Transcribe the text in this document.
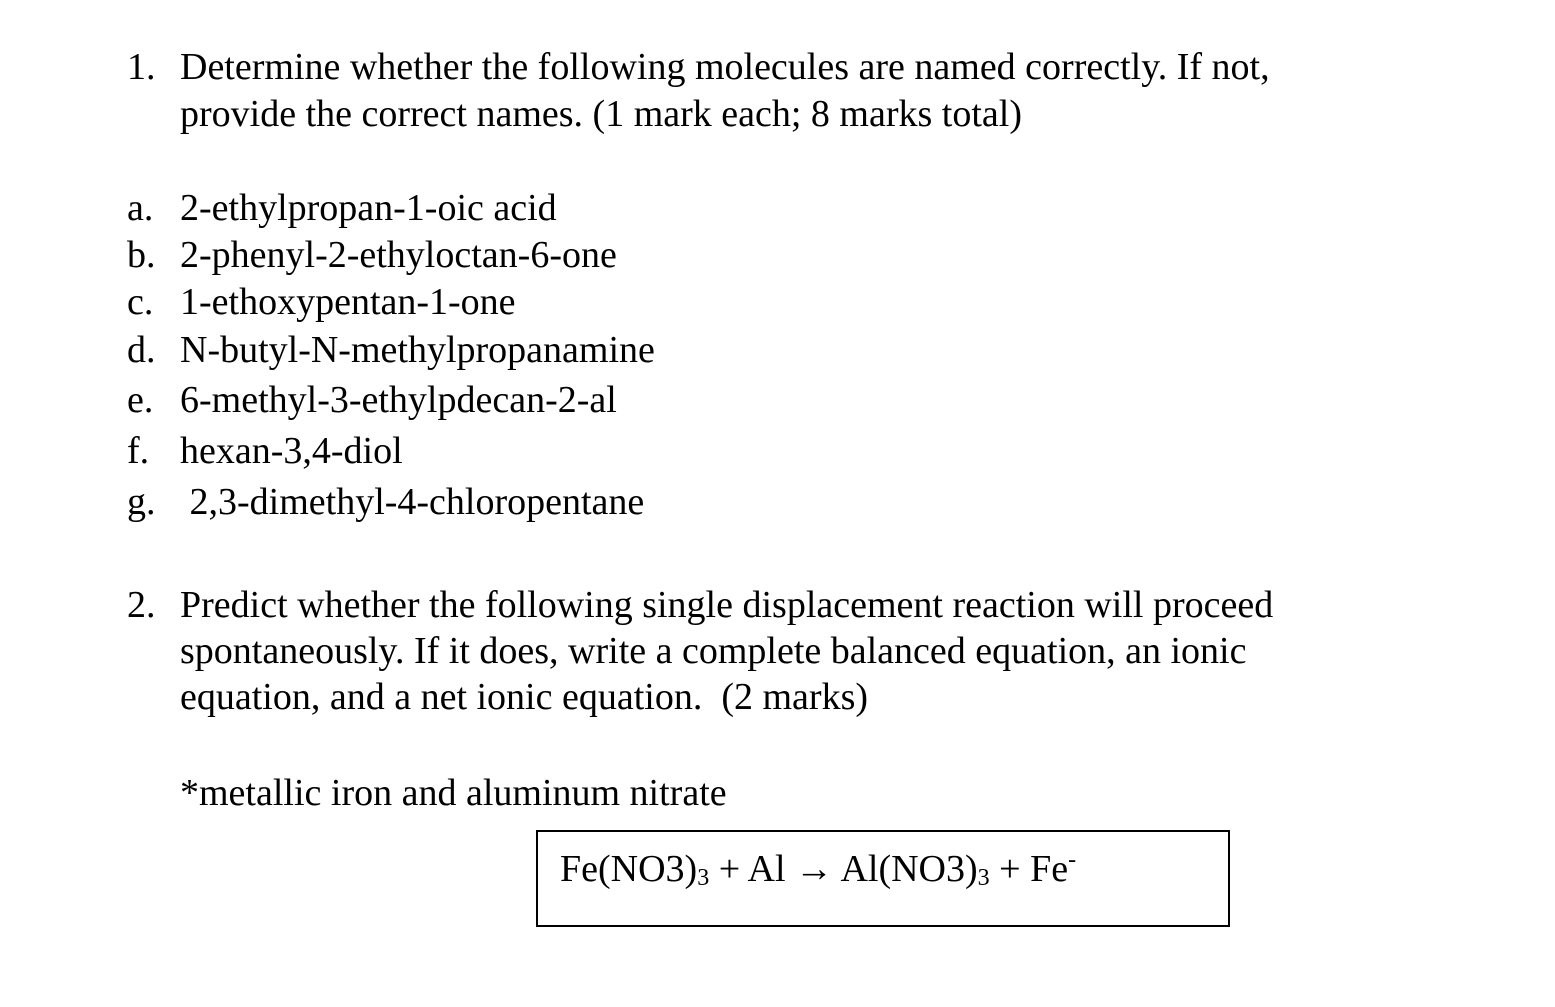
1. Determine whether the following molecules are named correctly. If not,
provide the correct names. (1 mark each; 8 marks total)
a. 2-ethylpropan-1-oic acid
b. 2-phenyl-2-ethyloctan-6-one
c. 1-ethoxypentan-1-one
d. N-butyl-N-methylpropanamine
e. 6-methyl-3-ethylpdecan-2-al
f. hexan-3,4-diol
g. 2,3-dimethyl-4-chloropentane
2. Predict whether the following single displacement reaction will proceed
spontaneously. If it does, write a complete balanced equation, an ionic
equation, and a net ionic equation.  (2 marks)
*metallic iron and aluminum nitrate
$Fe(NO3)_3 + Al \to Al(NO3)_3 + Fe^-$
